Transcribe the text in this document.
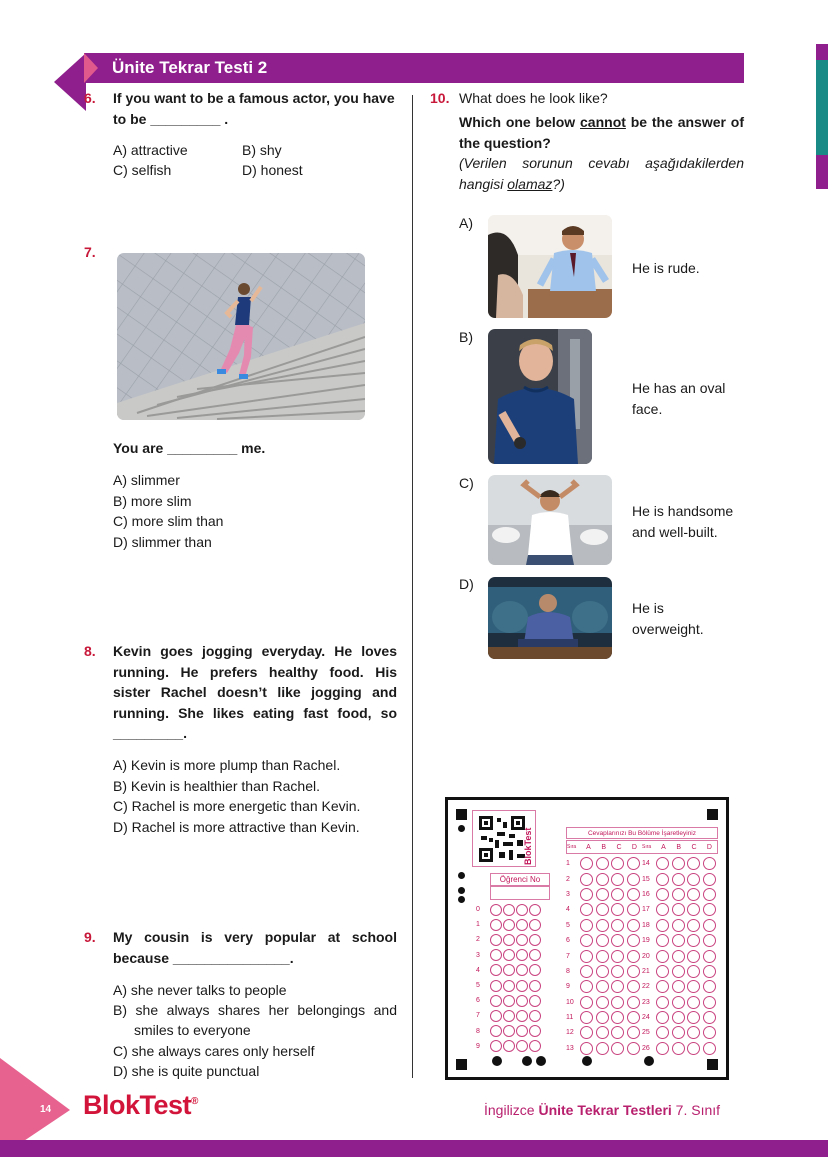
Ünite Tekrar Testi 2
6. If you want to be a famous actor, you have
to be _________ .
A) attractive	B) shy
C) selfish	D) honest
7.
You are _________ me.
A) slimmer
B) more slim
C) more slim than
D) slimmer than
8. Kevin goes jogging everyday. He loves
running. He prefers healthy food. His
sister Rachel doesn’t like jogging and
running. She likes eating fast food, so
_________.
A) Kevin is more plump than Rachel.
B) Kevin is healthier than Rachel.
C) Rachel is more energetic than Kevin.
D) Rachel is more attractive than Kevin.
9. My cousin is very popular at school
because _______________.
A) she never talks to people
B) she always shares her belongings and
smiles to everyone
C) she always cares only herself
D) she is quite punctual
10. What does he look like?
Which one below cannot be the answer of
the question?
(Verilen sorunun cevabı aşağıdakilerden
hangisi olamaz?)
A)
He is rude.
B)
He has an oval
face.
C)
He is handsome
and well-built.
D)
He is
overweight.
BlokTest
Öğrenci No
0
1
2
3
4
5
6
7
8
9
Cevaplarınızı Bu Bölüme İşaretleyiniz
Sıra	A	B	C	D	Sıra	A	B	C	D
1	14
2	15
3	16
4	17
5	18
6	19
7	20
8	21
9	22
10	23
11	24
12	25
13	26
14 BlokTest®
İngilizce Ünite Tekrar Testleri 7. Sınıf
